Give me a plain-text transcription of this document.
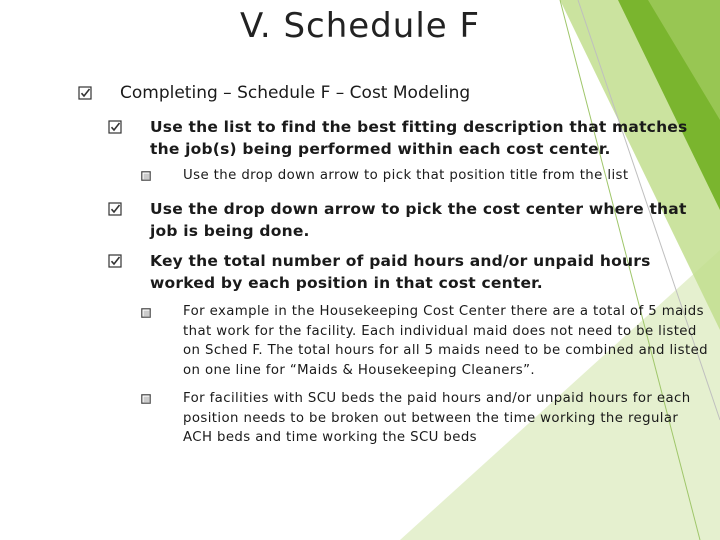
V. Schedule F
Completing – Schedule F – Cost Modeling
Use the list to find the best fitting description that matches the job(s) being performed within each cost center.
Use the drop down arrow to pick that position title from the list
Use the drop down arrow to pick the cost center where that job is being done.
Key the total number of paid hours and/or unpaid hours worked by each position in that cost center.
For example in the Housekeeping Cost Center there are a total of 5 maids that work for the facility. Each individual maid does not need to be listed on Sched F. The total hours for all 5 maids need to be combined and listed on one line for “Maids & Housekeeping Cleaners”.
For facilities with SCU beds the paid hours and/or unpaid hours for each position needs to be broken out between the time working the regular ACH beds and time working the SCU beds
